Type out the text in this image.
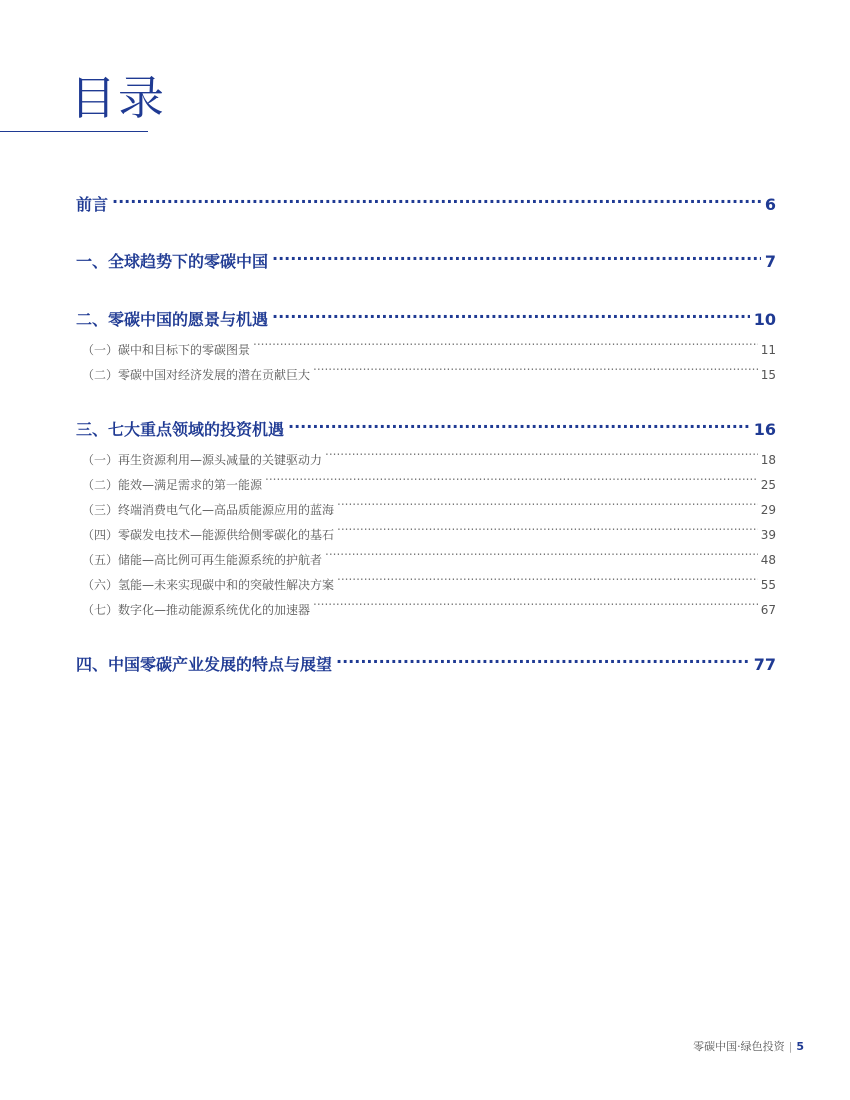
目录
前言 .....	6
一、全球趋势下的零碳中国 .....	7
二、零碳中国的愿景与机遇 .....	10
（一）碳中和目标下的零碳图景 .....	11
（二）零碳中国对经济发展的潜在贡献巨大 .....	15
三、七大重点领域的投资机遇 .....	16
（一）再生资源利用—源头减量的关键驱动力 .....	18
（二）能效—满足需求的第一能源 .....	25
（三）终端消费电气化—高品质能源应用的蓝海 .....	29
（四）零碳发电技术—能源供给侧零碳化的基石 .....	39
（五）储能—高比例可再生能源系统的护航者 .....	48
（六）氢能—未来实现碳中和的突破性解决方案 .....	55
（七）数字化—推动能源系统优化的加速器 .....	67
四、中国零碳产业发展的特点与展望 .....	77
零碳中国·绿色投资 | 5
